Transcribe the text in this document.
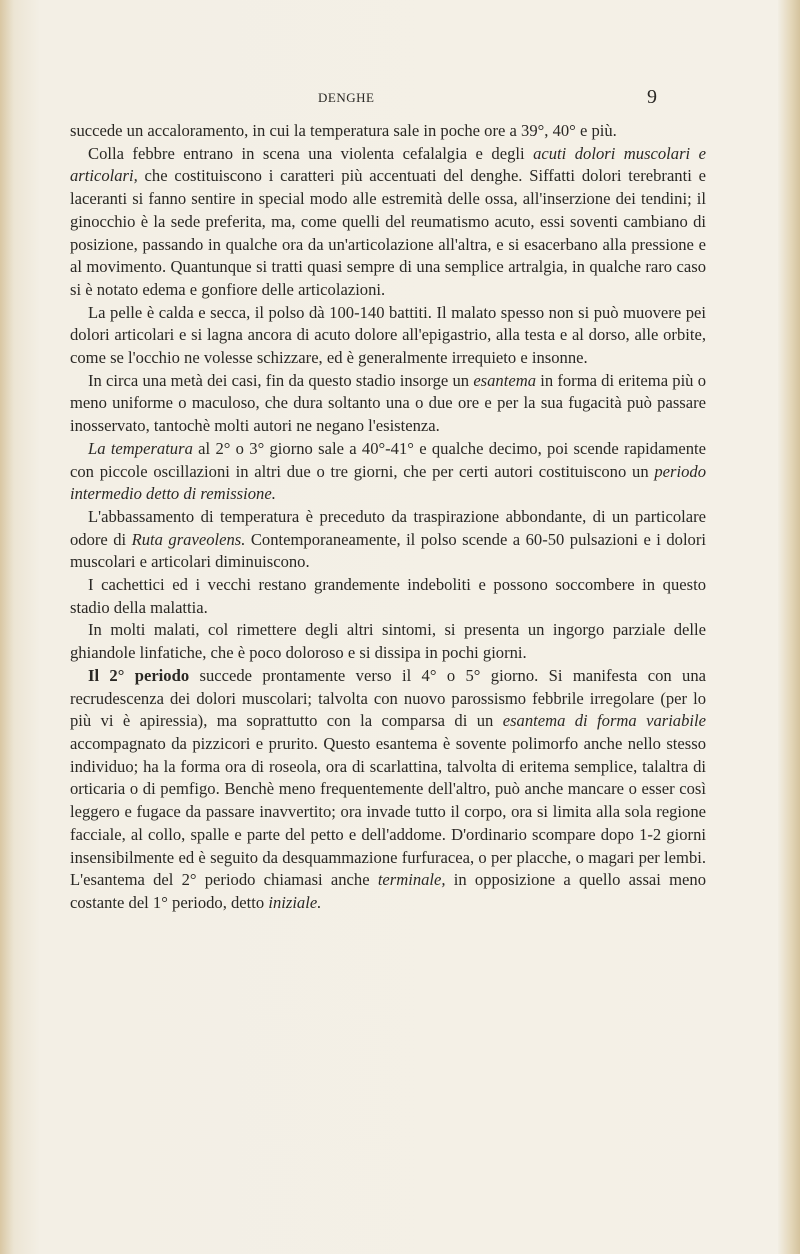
DENGHE	9

succede un accaloramento, in cui la temperatura sale in poche ore a 39°, 40° e più.

Colla febbre entrano in scena una violenta cefalalgia e degli acuti dolori muscolari e articolari, che costituiscono i caratteri più accentuati del denghe. Siffatti dolori terebranti e laceranti si fanno sentire in special modo alle estremità delle ossa, all'inserzione dei tendini; il ginocchio è la sede preferita, ma, come quelli del reumatismo acuto, essi soventi cambiano di posizione, passando in qualche ora da un'articolazione all'altra, e si esacerbano alla pressione e al movimento. Quantunque si tratti quasi sempre di una semplice artralgia, in qualche raro caso si è notato edema e gonfiore delle articolazioni.

La pelle è calda e secca, il polso dà 100-140 battiti. Il malato spesso non si può muovere pei dolori articolari e si lagna ancora di acuto dolore all'epigastrio, alla testa e al dorso, alle orbite, come se l'occhio ne volesse schizzare, ed è generalmente irrequieto e insonne.

In circa una metà dei casi, fin da questo stadio insorge un esantema in forma di eritema più o meno uniforme o maculoso, che dura soltanto una o due ore e per la sua fugacità può passare inosservato, tantochè molti autori ne negano l'esistenza.

La temperatura al 2° o 3° giorno sale a 40°-41° e qualche decimo, poi scende rapidamente con piccole oscillazioni in altri due o tre giorni, che per certi autori costituiscono un periodo intermedio detto di remissione.

L'abbassamento di temperatura è preceduto da traspirazione abbondante, di un particolare odore di Ruta graveolens. Contemporaneamente, il polso scende a 60-50 pulsazioni e i dolori muscolari e articolari diminuiscono.

I cachettici ed i vecchi restano grandemente indeboliti e possono soccombere in questo stadio della malattia.

In molti malati, col rimettere degli altri sintomi, si presenta un ingorgo parziale delle ghiandole linfatiche, che è poco doloroso e si dissipa in pochi giorni.

Il 2° periodo succede prontamente verso il 4° o 5° giorno. Si manifesta con una recrudescenza dei dolori muscolari; talvolta con nuovo parossismo febbrile irregolare (per lo più vi è apiressia), ma soprattutto con la comparsa di un esantema di forma variabile accompagnato da pizzicori e prurito. Questo esantema è sovente polimorfo anche nello stesso individuo; ha la forma ora di roseola, ora di scarlattina, talvolta di eritema semplice, talaltra di orticaria o di pemfigo. Benchè meno frequentemente dell'altro, può anche mancare o esser così leggero e fugace da passare inavvertito; ora invade tutto il corpo, ora si limita alla sola regione facciale, al collo, spalle e parte del petto e dell'addome. D'ordinario scompare dopo 1-2 giorni insensibilmente ed è seguito da desquammazione furfuracea, o per placche, o magari per lembi. L'esantema del 2° periodo chiamasi anche terminale, in opposizione a quello assai meno costante del 1° periodo, detto iniziale.
